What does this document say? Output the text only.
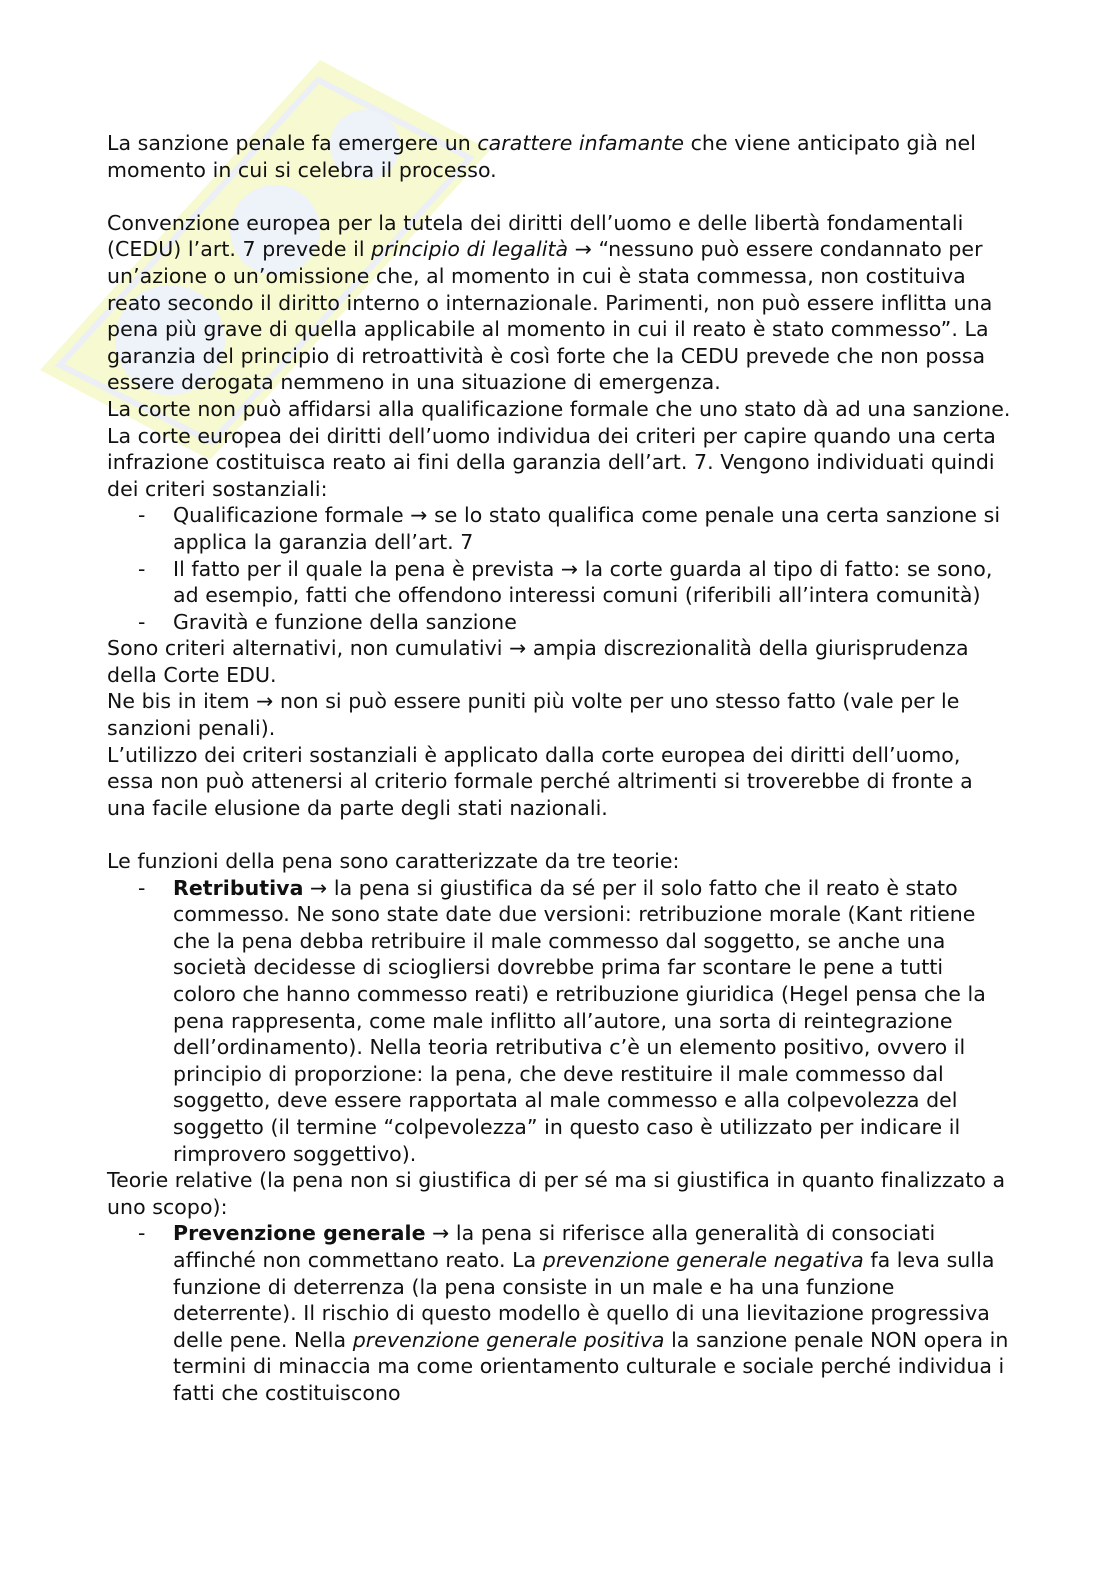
La sanzione penale fa emergere un carattere infamante che viene anticipato già nel momento in cui si celebra il processo.

Convenzione europea per la tutela dei diritti dell’uomo e delle libertà fondamentali (CEDU) l’art. 7 prevede il principio di legalità → “nessuno può essere condannato per un’azione o un’omissione che, al momento in cui è stata commessa, non costituiva reato secondo il diritto interno o internazionale. Parimenti, non può essere inflitta una pena più grave di quella applicabile al momento in cui il reato è stato commesso”. La garanzia del principio di retroattività è così forte che la CEDU prevede che non possa essere derogata nemmeno in una situazione di emergenza.

La corte non può affidarsi alla qualificazione formale che uno stato dà ad una sanzione. La corte europea dei diritti dell’uomo individua dei criteri per capire quando una certa infrazione costituisca reato ai fini della garanzia dell’art. 7. Vengono individuati quindi dei criteri sostanziali:

- Qualificazione formale → se lo stato qualifica come penale una certa sanzione si applica la garanzia dell’art. 7
- Il fatto per il quale la pena è prevista → la corte guarda al tipo di fatto: se sono, ad esempio, fatti che offendono interessi comuni (riferibili all’intera comunità)
- Gravità e funzione della sanzione

Sono criteri alternativi, non cumulativi → ampia discrezionalità della giurisprudenza della Corte EDU.

Ne bis in item → non si può essere puniti più volte per uno stesso fatto (vale per le sanzioni penali).

L’utilizzo dei criteri sostanziali è applicato dalla corte europea dei diritti dell’uomo, essa non può attenersi al criterio formale perché altrimenti si troverebbe di fronte a una facile elusione da parte degli stati nazionali.

Le funzioni della pena sono caratterizzate da tre teorie:

- Retributiva → la pena si giustifica da sé per il solo fatto che il reato è stato commesso. Ne sono state date due versioni: retribuzione morale (Kant ritiene che la pena debba retribuire il male commesso dal soggetto, se anche una società decidesse di sciogliersi dovrebbe prima far scontare le pene a tutti coloro che hanno commesso reati) e retribuzione giuridica (Hegel pensa che la pena rappresenta, come male inflitto all’autore, una sorta di reintegrazione dell’ordinamento). Nella teoria retributiva c’è un elemento positivo, ovvero il principio di proporzione: la pena, che deve restituire il male commesso dal soggetto, deve essere rapportata al male commesso e alla colpevolezza del soggetto (il termine “colpevolezza” in questo caso è utilizzato per indicare il rimprovero soggettivo).

Teorie relative (la pena non si giustifica di per sé ma si giustifica in quanto finalizzato a uno scopo):

- Prevenzione generale → la pena si riferisce alla generalità di consociati affinché non commettano reato. La prevenzione generale negativa fa leva sulla funzione di deterrenza (la pena consiste in un male e ha una funzione deterrente). Il rischio di questo modello è quello di una lievitazione progressiva delle pene. Nella prevenzione generale positiva la sanzione penale NON opera in termini di minaccia ma come orientamento culturale e sociale perché individua i fatti che costituiscono
